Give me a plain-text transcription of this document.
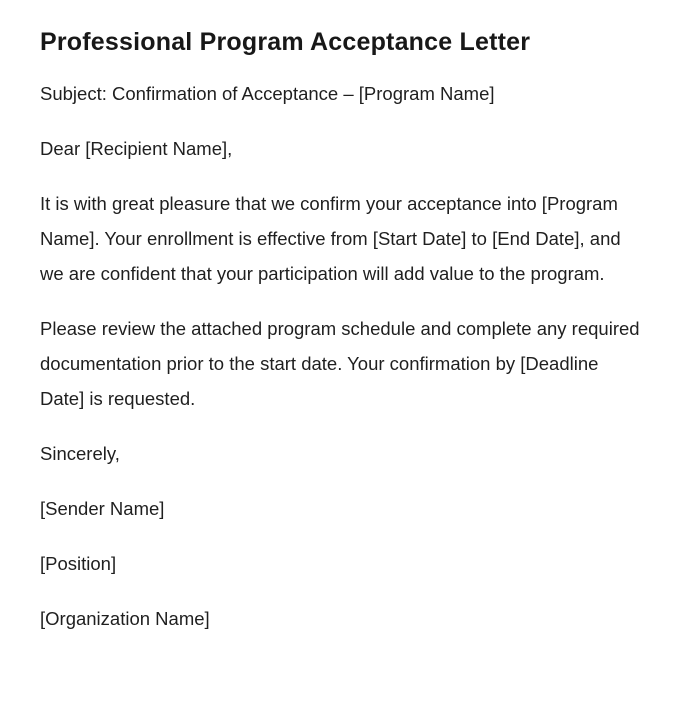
Professional Program Acceptance Letter

Subject: Confirmation of Acceptance – [Program Name]

Dear [Recipient Name],

It is with great pleasure that we confirm your acceptance into [Program Name]. Your enrollment is effective from [Start Date] to [End Date], and we are confident that your participation will add value to the program.

Please review the attached program schedule and complete any required documentation prior to the start date. Your confirmation by [Deadline Date] is requested.

Sincerely,

[Sender Name]

[Position]

[Organization Name]
